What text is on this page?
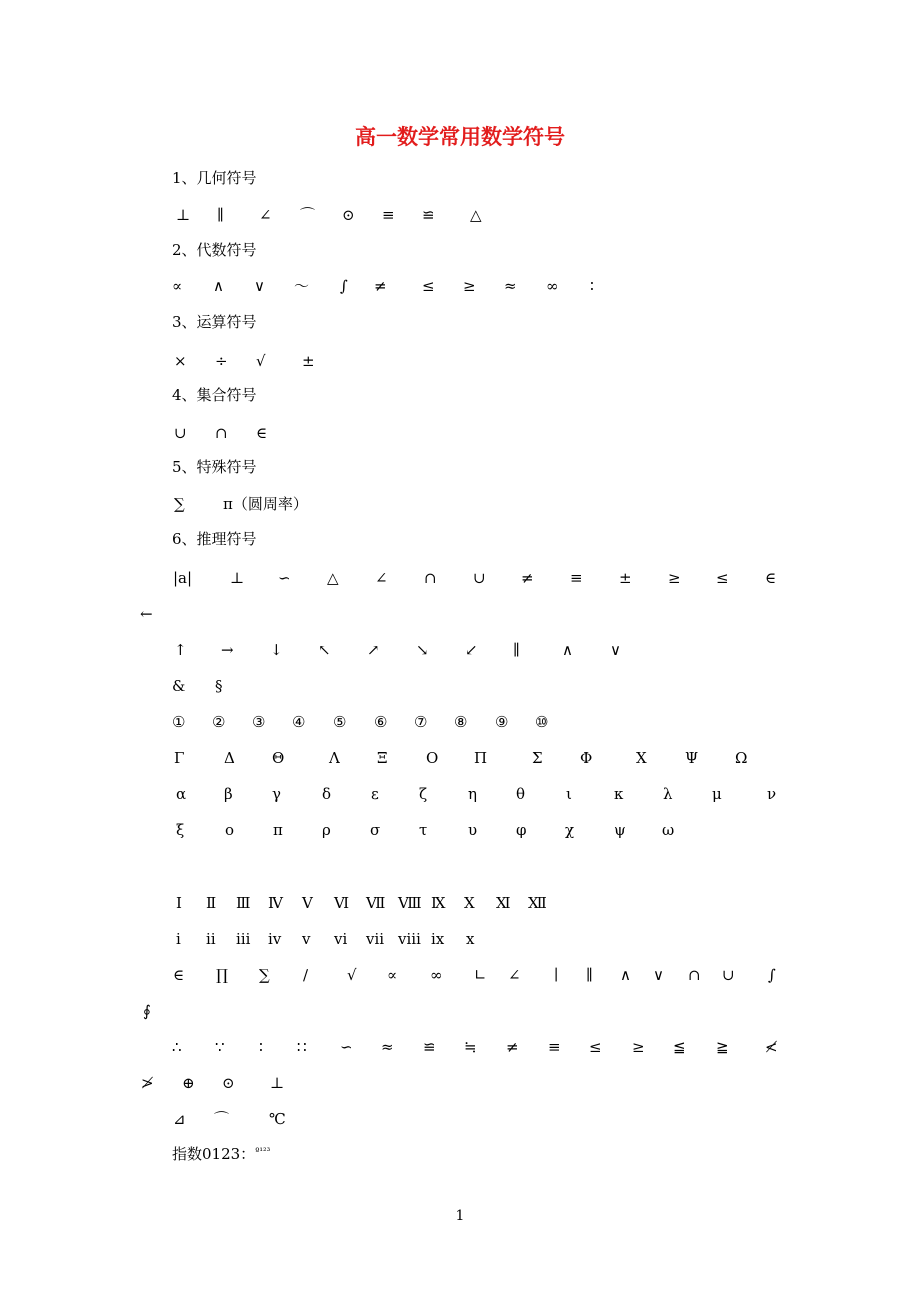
高一数学常用数学符号
1、几何符号
⊥ ∥ ∠ ⌒ ⊙ ≡ ≌ △
2、代数符号
∝ ∧ ∨ ～ ∫ ≠ ≤ ≥ ≈ ∞ ∶
3、运算符号
× ÷ √ ±
4、集合符号
∪ ∩ ∈
5、特殊符号
∑	π（圆周率）
6、推理符号
|a|	⊥ ∽ △ ∠ ∩ ∪ ≠ ≡ ± ≥ ≤ ∈
←
↑ → ↓ ↖ ↗ ↘ ↙ ∥	∧ ∨
& §
① ② ③ ④ ⑤ ⑥ ⑦ ⑧ ⑨ ⑩
Γ	Δ Θ	Λ Ξ	Ο Π	Σ Φ	Χ	Ψ Ω
α	β	γ	δ	ε	ζ	η	θ	ι	κ	λ	μ	ν
ξ	ο	π	ρ	σ	τ	υ	φ	χ	ψ ω
Ⅰ Ⅱ Ⅲ Ⅳ Ⅴ Ⅵ Ⅶ Ⅷ Ⅸ Ⅹ Ⅺ Ⅻ
ⅰ ⅱ ⅲ ⅳ ⅴ ⅵ ⅶ ⅷ ⅸ ⅹ
∈ ∏ ∑ ∕	√ ∝ ∞ ∟ ∠ ∣ ∥ ∧ ∨ ∩ ∪ ∫
∮
∴ ∵ ∶ ∷ ∽ ≈ ≌ ≒ ≠ ≡ ≤ ≥ ≦ ≧ ≮
≯ ⊕ ⊙ ⊥
⊿ ⌒	℃
指数0123：$^{º^{123}}$
1
